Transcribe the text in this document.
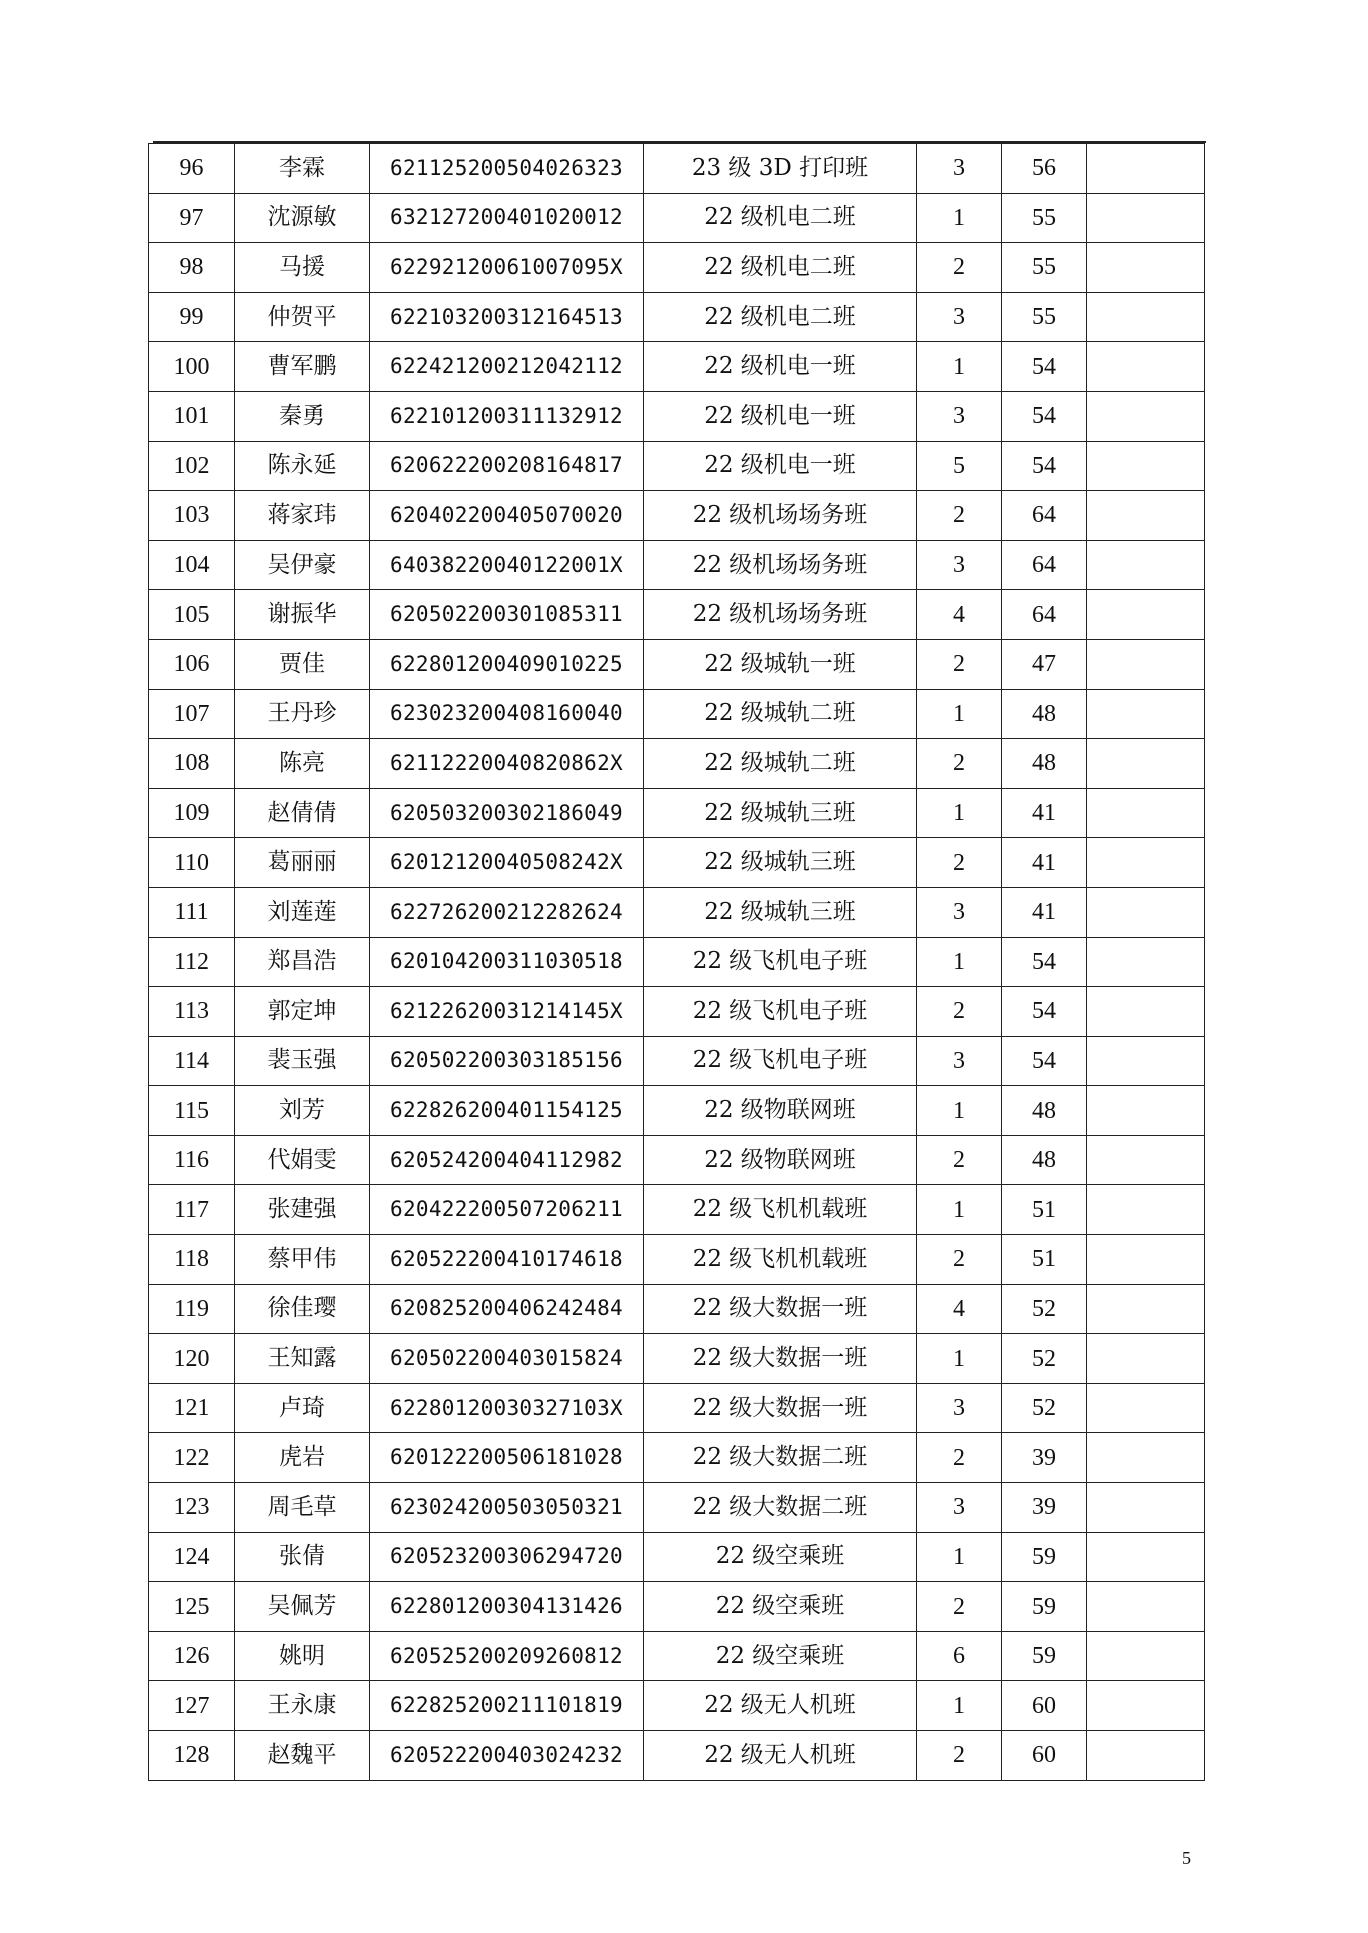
96	李霖	621125200504026323	23 级 3D 打印班	3	56	
97	沈源敏	632127200401020012	22 级机电二班	1	55	
98	马援	62292120061007095X	22 级机电二班	2	55	
99	仲贺平	622103200312164513	22 级机电二班	3	55	
100	曹军鹏	622421200212042112	22 级机电一班	1	54	
101	秦勇	622101200311132912	22 级机电一班	3	54	
102	陈永延	620622200208164817	22 级机电一班	5	54	
103	蒋家玮	620402200405070020	22 级机场场务班	2	64	
104	吴伊豪	64038220040122001X	22 级机场场务班	3	64	
105	谢振华	620502200301085311	22 级机场场务班	4	64	
106	贾佳	622801200409010225	22 级城轨一班	2	47	
107	王丹珍	623023200408160040	22 级城轨二班	1	48	
108	陈亮	62112220040820862X	22 级城轨二班	2	48	
109	赵倩倩	620503200302186049	22 级城轨三班	1	41	
110	葛丽丽	62012120040508242X	22 级城轨三班	2	41	
111	刘莲莲	622726200212282624	22 级城轨三班	3	41	
112	郑昌浩	620104200311030518	22 级飞机电子班	1	54	
113	郭定坤	62122620031214145X	22 级飞机电子班	2	54	
114	裴玉强	620502200303185156	22 级飞机电子班	3	54	
115	刘芳	622826200401154125	22 级物联网班	1	48	
116	代娟雯	620524200404112982	22 级物联网班	2	48	
117	张建强	620422200507206211	22 级飞机机载班	1	51	
118	蔡甲伟	620522200410174618	22 级飞机机载班	2	51	
119	徐佳璎	620825200406242484	22 级大数据一班	4	52	
120	王知露	620502200403015824	22 级大数据一班	1	52	
121	卢琦	62280120030327103X	22 级大数据一班	3	52	
122	虎岩	620122200506181028	22 级大数据二班	2	39	
123	周毛草	623024200503050321	22 级大数据二班	3	39	
124	张倩	620523200306294720	22 级空乘班	1	59	
125	吴佩芳	622801200304131426	22 级空乘班	2	59	
126	姚明	620525200209260812	22 级空乘班	6	59	
127	王永康	622825200211101819	22 级无人机班	1	60	
128	赵魏平	620522200403024232	22 级无人机班	2	60	
5
